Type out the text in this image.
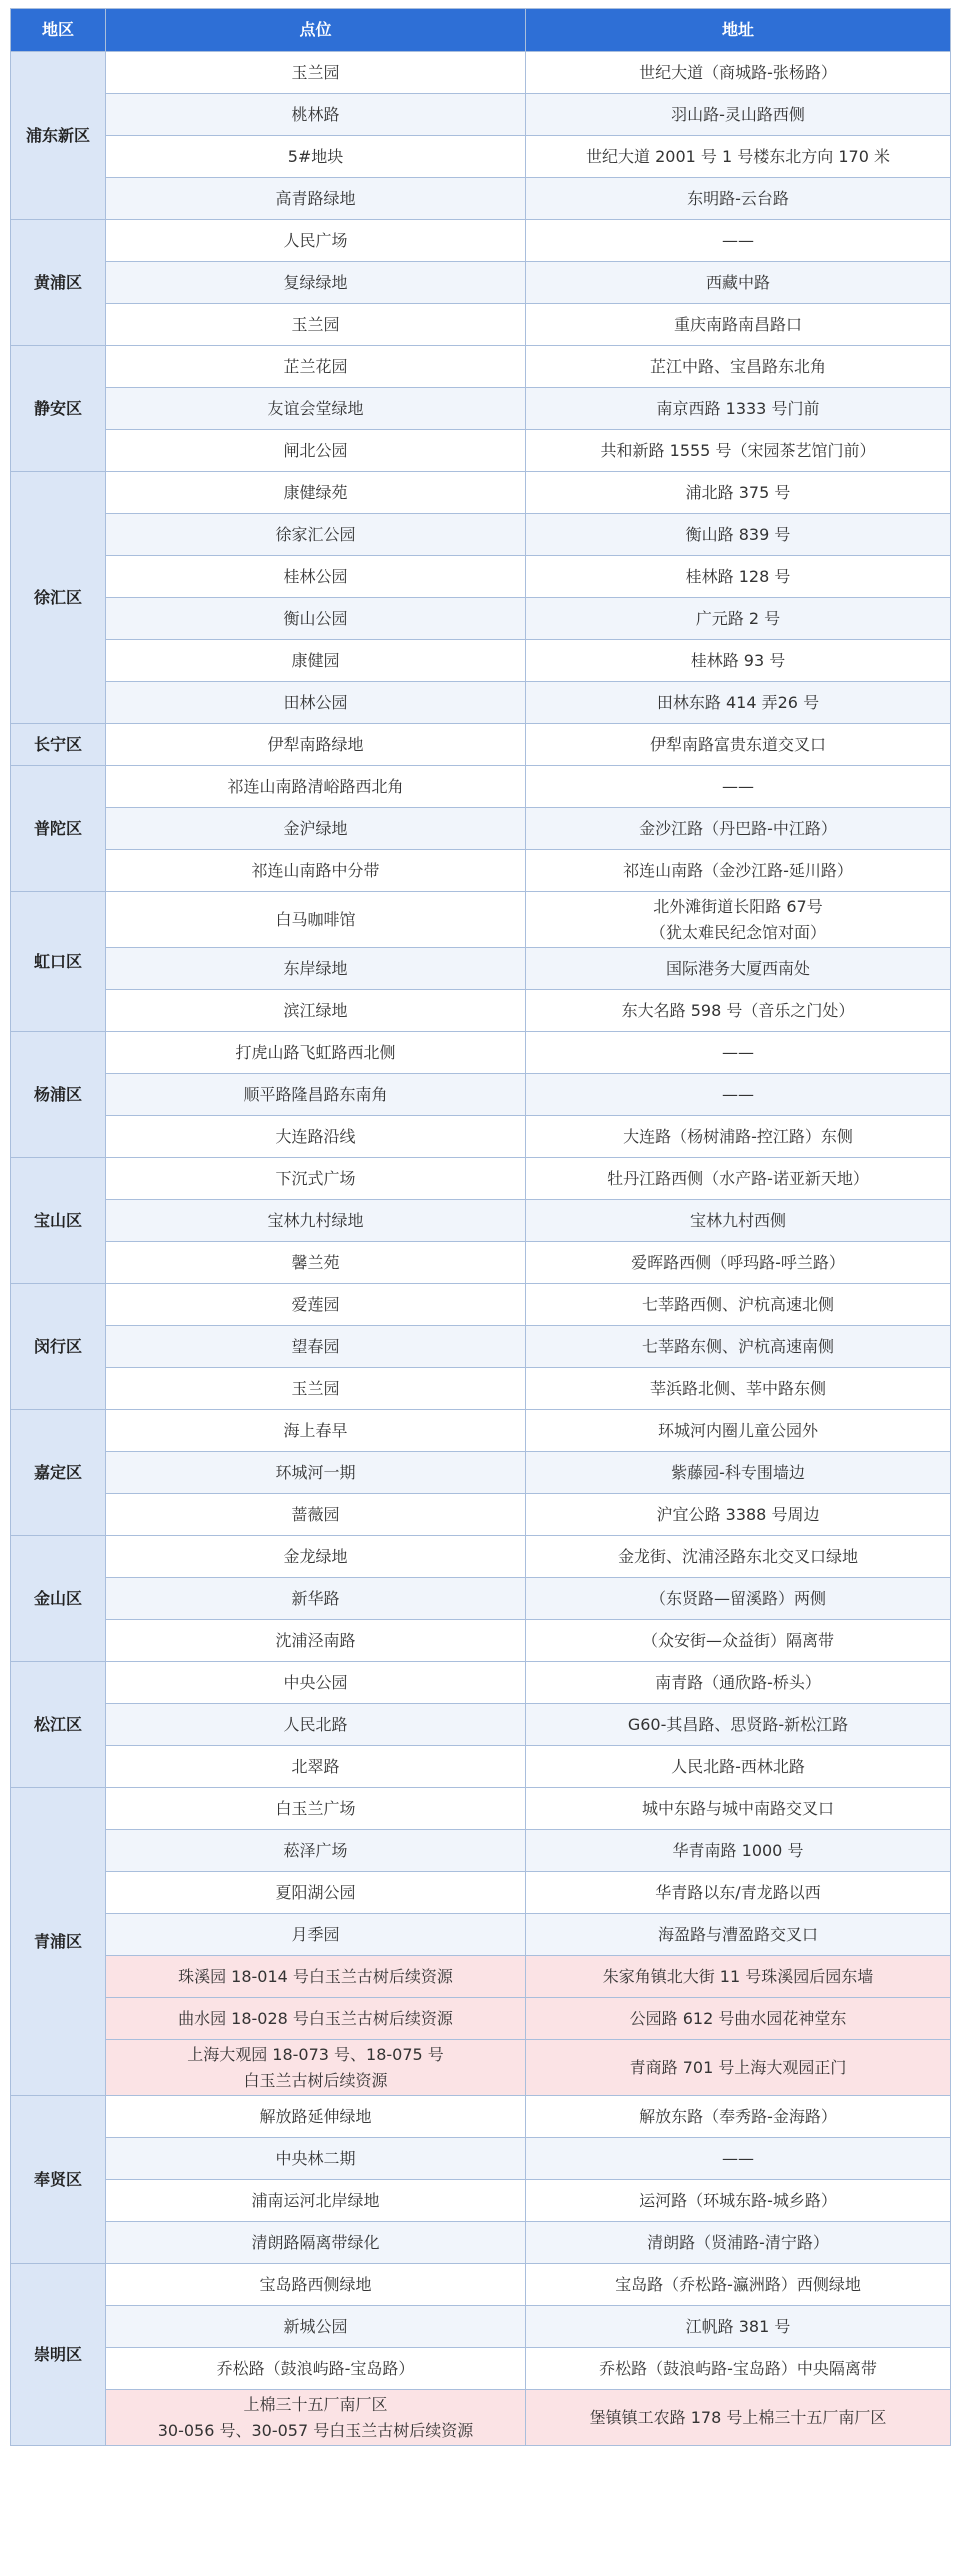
地区	点位	地址
浦东新区	玉兰园	世纪大道（商城路-张杨路）

	桃林路	羽山路-灵山路西侧

	5#地块	世纪大道 2001 号 1 号楼东北方向 170 米

	高青路绿地	东明路-云台路

黄浦区	人民广场	——

	复绿绿地	西藏中路

	玉兰园	重庆南路南昌路口

静安区	芷兰花园	芷江中路、宝昌路东北角

	友谊会堂绿地	南京西路 1333 号门前

	闸北公园	共和新路 1555 号（宋园茶艺馆门前）

徐汇区	康健绿苑	浦北路 375 号

	徐家汇公园	衡山路 839 号

	桂林公园	桂林路 128 号

	衡山公园	广元路 2 号

	康健园	桂林路 93 号

	田林公园	田林东路 414 弄26 号

长宁区	伊犁南路绿地	伊犁南路富贵东道交叉口

普陀区	祁连山南路清峪路西北角	——

	金沪绿地	金沙江路（丹巴路-中江路）

	祁连山南路中分带	祁连山南路（金沙江路-延川路）

虹口区	白马咖啡馆	北外滩街道长阳路 67号
（犹太难民纪念馆对面）

	东岸绿地	国际港务大厦西南处

	滨江绿地	东大名路 598 号（音乐之门处）

杨浦区	打虎山路飞虹路西北侧	——

	顺平路隆昌路东南角	——

	大连路沿线	大连路（杨树浦路-控江路）东侧

宝山区	下沉式广场	牡丹江路西侧（水产路-诺亚新天地）

	宝林九村绿地	宝林九村西侧

	馨兰苑	爱晖路西侧（呼玛路-呼兰路）

闵行区	爱莲园	七莘路西侧、沪杭高速北侧

	望春园	七莘路东侧、沪杭高速南侧

	玉兰园	莘浜路北侧、莘中路东侧

嘉定区	海上春早	环城河内圈儿童公园外

	环城河一期	紫藤园-科专围墙边

	蔷薇园	沪宜公路 3388 号周边

金山区	金龙绿地	金龙街、沈浦泾路东北交叉口绿地

	新华路	（东贤路—留溪路）两侧

	沈浦泾南路	（众安街—众益街）隔离带

松江区	中央公园	南青路（通欣路-桥头）

	人民北路	G60-其昌路、思贤路-新松江路

	北翠路	人民北路-西林北路

青浦区	白玉兰广场	城中东路与城中南路交叉口

	菘泽广场	华青南路 1000 号

	夏阳湖公园	华青路以东/青龙路以西

	月季园	海盈路与漕盈路交叉口

	珠溪园 18-014 号白玉兰古树后续资源	朱家角镇北大街 11 号珠溪园后园东墙

	曲水园 18-028 号白玉兰古树后续资源	公园路 612 号曲水园花神堂东

	上海大观园 18-073 号、18-075 号
白玉兰古树后续资源	青商路 701 号上海大观园正门

奉贤区	解放路延伸绿地	解放东路（奉秀路-金海路）

	中央林二期	——

	浦南运河北岸绿地	运河路（环城东路-城乡路）

	清朗路隔离带绿化	清朗路（贤浦路-清宁路）

崇明区	宝岛路西侧绿地	宝岛路（乔松路-瀛洲路）西侧绿地

	新城公园	江帆路 381 号

	乔松路（鼓浪屿路-宝岛路）	乔松路（鼓浪屿路-宝岛路）中央隔离带

	上棉三十五厂南厂区
30-056 号、30-057 号白玉兰古树后续资源	堡镇镇工农路 178 号上棉三十五厂南厂区
